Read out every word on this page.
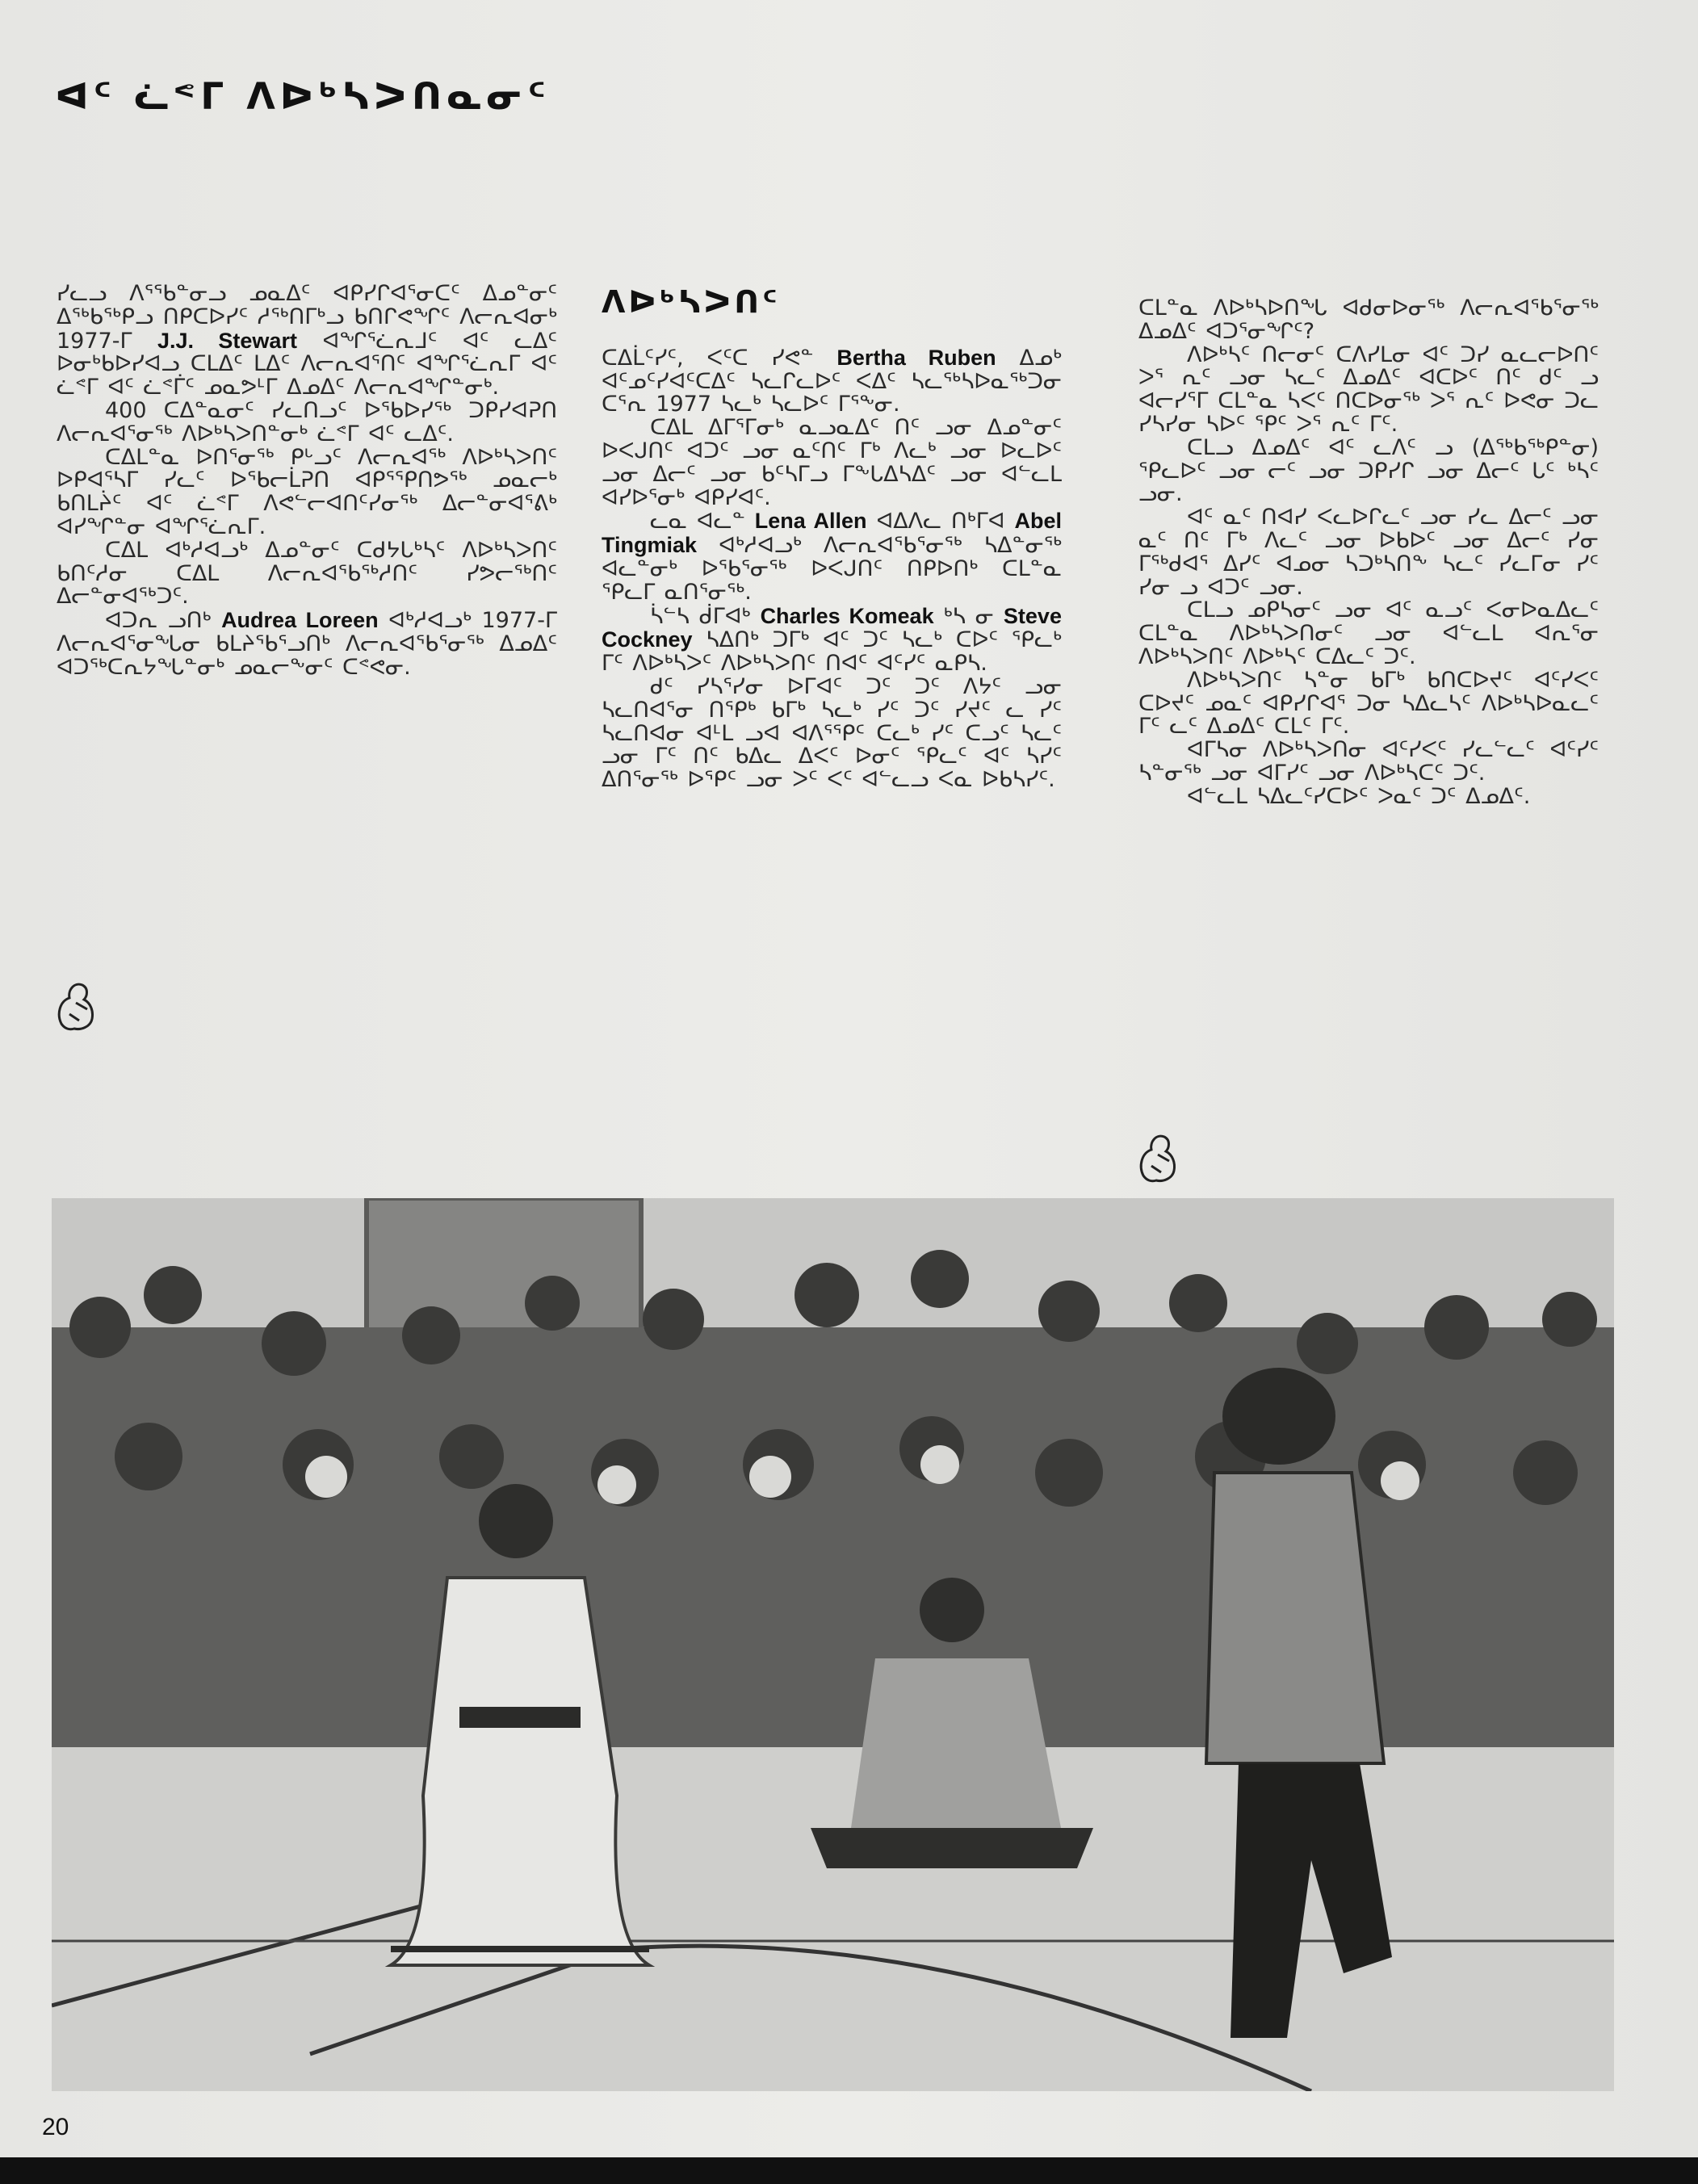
ᐊᑦ ᓛᕝᒥ ᐱᐅᒃᓴᐳᑎᓇᓂᑦ

ᓯᓚᓗ ᐱᕐᖃᓐᓂᓗ ᓄᓇᐃᑦ ᐊᑭᓯᒋᐊᕐᓂᑕᑦ ᐃᓄᓐᓂᑦ ᐃᖅᑲᖅᑭᓗ ᑎᑭᑕᐅᓯᑦ ᓱᕐᒃᑎᒥᒃᓗ ᑲᑎᒋᕙᖏᑦ ᐱᓕᕆᐊᓂᒃ 1977-ᒥ J.J. Stewart ᐊᖏᕐᓛᕆᒧᑦ ᐊᑦ ᓚᐃᑦ ᐅᓂᒃᑲᐅᓯᐊᓗ ᑕᒪᐃᑦ ᒪᐃᑦ ᐱᓕᕆᐊᕐᑎᑦ ᐊᖏᕐᓛᕆᒥ ᐊᑦ ᓛᕝᒥ ᐊᑦ ᓛᕝᒦᑦ ᓄᓇᕗᒻᒥ ᐃᓄᐃᑦ ᐱᓕᕆᐊᖏᓐᓂᒃ.

400 ᑕᐃᓐᓇᓂᑦ ᓯᓚᑎᓗᑦ ᐅᖃᐅᓯᖅ ᑐᑭᓯᐊᕈᑎ ᐱᓕᕆᐊᕐᓂᖅ ᐱᐅᒃᓴᐳᑎᓐᓂᒃ ᓛᕝᒥ ᐊᑦ ᓚᐃᑦ.

ᑕᐃᒪᓐᓇ ᐅᑎᕐᓂᖅ ᑭᒡᓗᑦ ᐱᓕᕆᐊᖅ ᐱᐅᒃᓴᐳᑎᑦ ᐅᑭᐊᕐᓴᒥ ᓯᓚᑦ ᐅᖃᓕᒫᕈᑎ ᐊᑭᕐᕿᑎᕗᖅ ᓄᓇᓕᒃ ᑲᑎᒪᔩᑦ ᐊᑦ ᓛᕝᒥ ᐱᕙᓪᓕᐊᑎᑦᓯᓂᖅ ᐃᓕᓐᓂᐊᕐᕕᒃ ᐊᓯᖏᓐᓂ ᐊᖏᕐᓛᕆᒥ.

ᑕᐃᒪ ᐊᒃᓱᐊᓗᒃ ᐃᓄᓐᓂᑦ ᑕᑯᔭᒐᒃᓴᑦ ᐱᐅᒃᓴᐳᑎᑦ ᑲᑎᑦᓱᓂ ᑕᐃᒪ ᐱᓕᕆᐊᖃᖅᓱᑎᑦ ᓯᕗᓕᖅᑎᑦ ᐃᓕᓐᓂᐊᖅᑐᑦ.

ᐊᑐᕆ ᓗᑎᒃ Audrea Loreen ᐊᒃᓱᐊᓗᒃ 1977-ᒥ ᐱᓕᕆᐊᕐᓂᖓᓂ ᑲᒪᔨᖃᕐᓗᑎᒃ ᐱᓕᕆᐊᖃᕐᓂᖅ ᐃᓄᐃᑦ ᐊᑐᖅᑕᕆᔭᖓᓐᓂᒃ ᓄᓇᓕᖕᓂᑦ ᑕᕝᕙᓂ.

ᐱᐅᒃᓴᐳᑎᑦ

ᑕᐃᒫᑦᓯᑦ, ᐸᑦᑕ ᓯᕙᓐ Bertha Ruben ᐃᓄᒃ ᐊᑦᓄᑦᓯᐊᑦᑕᐃᑦ ᓴᓚᒋᓚᐅᑦ ᐸᐃᑦ ᓴᓚᕐᒃᓴᐅᓇᖅᑐᓂ ᑕᕐᕆ 1977 ᓴᓚᒃ ᓴᓚᐅᑦ ᒥᕐᖕᓂ.

ᑕᐃᒪ ᐃᒥᕐᒥᓂᒃ ᓇᓗᓇᐃᑦ ᑎᑦ ᓗᓂ ᐃᓄᓐᓂᑦ ᐅᐸᒍᑎᑦ ᐊᑐᑦ ᓗᓂ ᓇᑦᑎᑦ ᒥᒃ ᐱᓚᒃ ᓗᓂ ᐅᓚᐅᑦ ᓗᓂ ᐃᓕᑦ ᓗᓂ ᑲᑦᓴᒥᓗ ᒥᖕᒐᐃᓴᐃᑦ ᓗᓂ ᐊᓪᓚᒪ ᐊᓯᐅᕐᓂᒃ ᐊᑭᓯᐊᑦ.

ᓚᓇ ᐊᓚᓐ Lena Allen ᐊᐃᐱᓚ ᑎᒃᒥᐊ Abel Tingmiak ᐊᒃᓱᐊᓗᒃ ᐱᓕᕆᐊᖃᕐᓂᖅ ᓴᐃᓐᓂᖅ ᐊᓚᓐᓂᒃ ᐅᖃᕐᓂᖅ ᐅᐸᒍᑎᑦ ᑎᑭᐅᑎᒃ ᑕᒪᓐᓇ ᕿᓚᒥ ᓇᑎᕐᓂᖅ.

ᓵᓪᓴ ᑰᒥᐊᒃ Charles Komeak ᒃᓴ ᓂ Steve Cockney ᓴᐃᑎᒃ ᑐᒥᒃ ᐊᑦ ᑐᑦ ᓴᓚᒃ ᑕᐅᑦ ᕿᓚᒃ ᒥᑦ ᐱᐅᒃᓴᐳᑦ ᐱᐅᒃᓴᐳᑎᑦ ᑎᐊᑦ ᐊᑦᓯᑦ ᓇᑭᓴ.

ᑯᑦ ᓯᓴᕐᓯᓂ ᐅᒥᐊᑦ ᑐᑦ ᑐᑦ ᐱᔭᑦ ᓗᓂ ᓴᓚᑎᐊᕐᓂ ᑎᕿᒃ ᑲᒥᒃ ᓴᓚᒃ ᓯᑦ ᑐᑦ ᓯᔪᑦ ᓚ ᓯᑦ ᓴᓚᑎᐊᓂ ᐊᒻᒪ ᓗᐊ ᐊᐱᕐᕿᑦ ᑕᓚᒃ ᓯᑦ ᑕᓗᑦ ᓴᓚᑦ ᓗᓂ ᒥᑦ ᑎᑦ ᑲᐃᓚ ᐃᐸᑦ ᐅᓂᑦ ᕿᓚᑦ ᐊᑦ ᓴᓯᑦ ᐃᑎᕐᓂᖅ ᐅᕿᑦ ᓗᓂ ᐳᑦ ᐸᑦ ᐊᓪᓚᓗ ᐸᓇ ᐅᑲᓴᓯᑦ.

ᑕᒪᓐᓇ ᐱᐅᒃᓴᐅᑎᖓ ᐊᑯᓂᐅᓂᖅ ᐱᓕᕆᐊᖃᕐᓂᖅ ᐃᓄᐃᑦ ᐊᑐᕐᓂᖏᑦ?

ᐱᐅᒃᓴᑦ ᑎᓕᓂᑦ ᑕᐱᓯᒪᓂ ᐊᑦ ᑐᓯ ᓇᓚᓕᐅᑎᑦ ᐳᕐ ᕆᑦ ᓗᓂ ᓴᓚᑦ ᐃᓄᐃᑦ ᐊᑕᐅᑦ ᑎᑦ ᑯᑦ ᓗ ᐊᓕᓯᕐᒥ ᑕᒪᓐᓇ ᓴᐸᑦ ᑎᑕᐅᓂᖅ ᐳᕐ ᕆᑦ ᐅᕙᓂ ᑐᓚ ᓯᓴᓯᓂ ᓴᐅᑦ ᕿᑦ ᐳᕐ ᕆᑦ ᒥᑦ.

ᑕᒪᓗ ᐃᓄᐃᑦ ᐊᑦ ᓚᐱᑦ ᓗ (ᐃᖅᑲᖅᑭᓐᓂ) ᕿᓚᐅᑦ ᓗᓂ ᓕᑦ ᓗᓂ ᑐᑭᓯᒋ ᓗᓂ ᐃᓕᑦ ᒐᑦ ᒃᓴᑦ ᓗᓂ.

ᐊᑦ ᓇᑦ ᑎᐊᓯ ᐸᓚᐅᒋᓚᑦ ᓗᓂ ᓯᓚ ᐃᓕᑦ ᓗᓂ ᓇᑦ ᑎᑦ ᒥᒃ ᐱᓚᑦ ᓗᓂ ᐅᑲᐅᑦ ᓗᓂ ᐃᓕᑦ ᓯᓂ ᒥᕐᒃᑯᐊᕐ ᐃᓯᑦ ᐊᓄᓂ ᓴᑐᒃᓴᑎᖕ ᓴᓚᑦ ᓯᓚᒥᓂ ᓯᑦ ᓯᓂ ᓗ ᐊᑐᑦ ᓗᓂ.

ᑕᒪᓗ ᓄᑭᓴᓂᑦ ᓗᓂ ᐊᑦ ᓇᓗᑦ ᐸᓂᐅᓇᐃᓚᑦ ᑕᒪᓐᓇ ᐱᐅᒃᓴᐳᑎᓂᑦ ᓗᓂ ᐊᓪᓚᒪ ᐊᕆᕐᓂ ᐱᐅᒃᓴᐳᑎᑦ ᐱᐅᒃᓴᑦ ᑕᐃᓚᑦ ᑐᑦ.

ᐱᐅᒃᓴᐳᑎᑦ ᓴᓐᓂ ᑲᒥᒃ ᑲᑎᑕᐅᔪᑦ ᐊᑦᓯᐸᑦ ᑕᐅᔪᑦ ᓄᓇᑦ ᐊᑭᓯᒋᐊᕐ ᑐᓂ ᓴᐃᓚᓴᑦ ᐱᐅᒃᓴᐅᓇᓚᑦ ᒥᑦ ᓚᑦ ᐃᓄᐃᑦ ᑕᒪᑦ ᒥᑦ.

ᐊᒥᓴᓂ ᐱᐅᒃᓴᐳᑎᓂ ᐊᑦᓯᐸᑦ ᓯᓚᓪᓚᑦ ᐊᑦᓯᑦ ᓴᓐᓂᖅ ᓗᓂ ᐊᒥᓯᑦ ᓗᓂ ᐱᐅᒃᓴᑕᑦ ᑐᑦ.

ᐊᓪᓚᒪ ᓴᐃᓚᑦᓯᑕᐅᑦ ᐳᓇᑦ ᑐᑦ ᐃᓄᐃᑦ.

20
